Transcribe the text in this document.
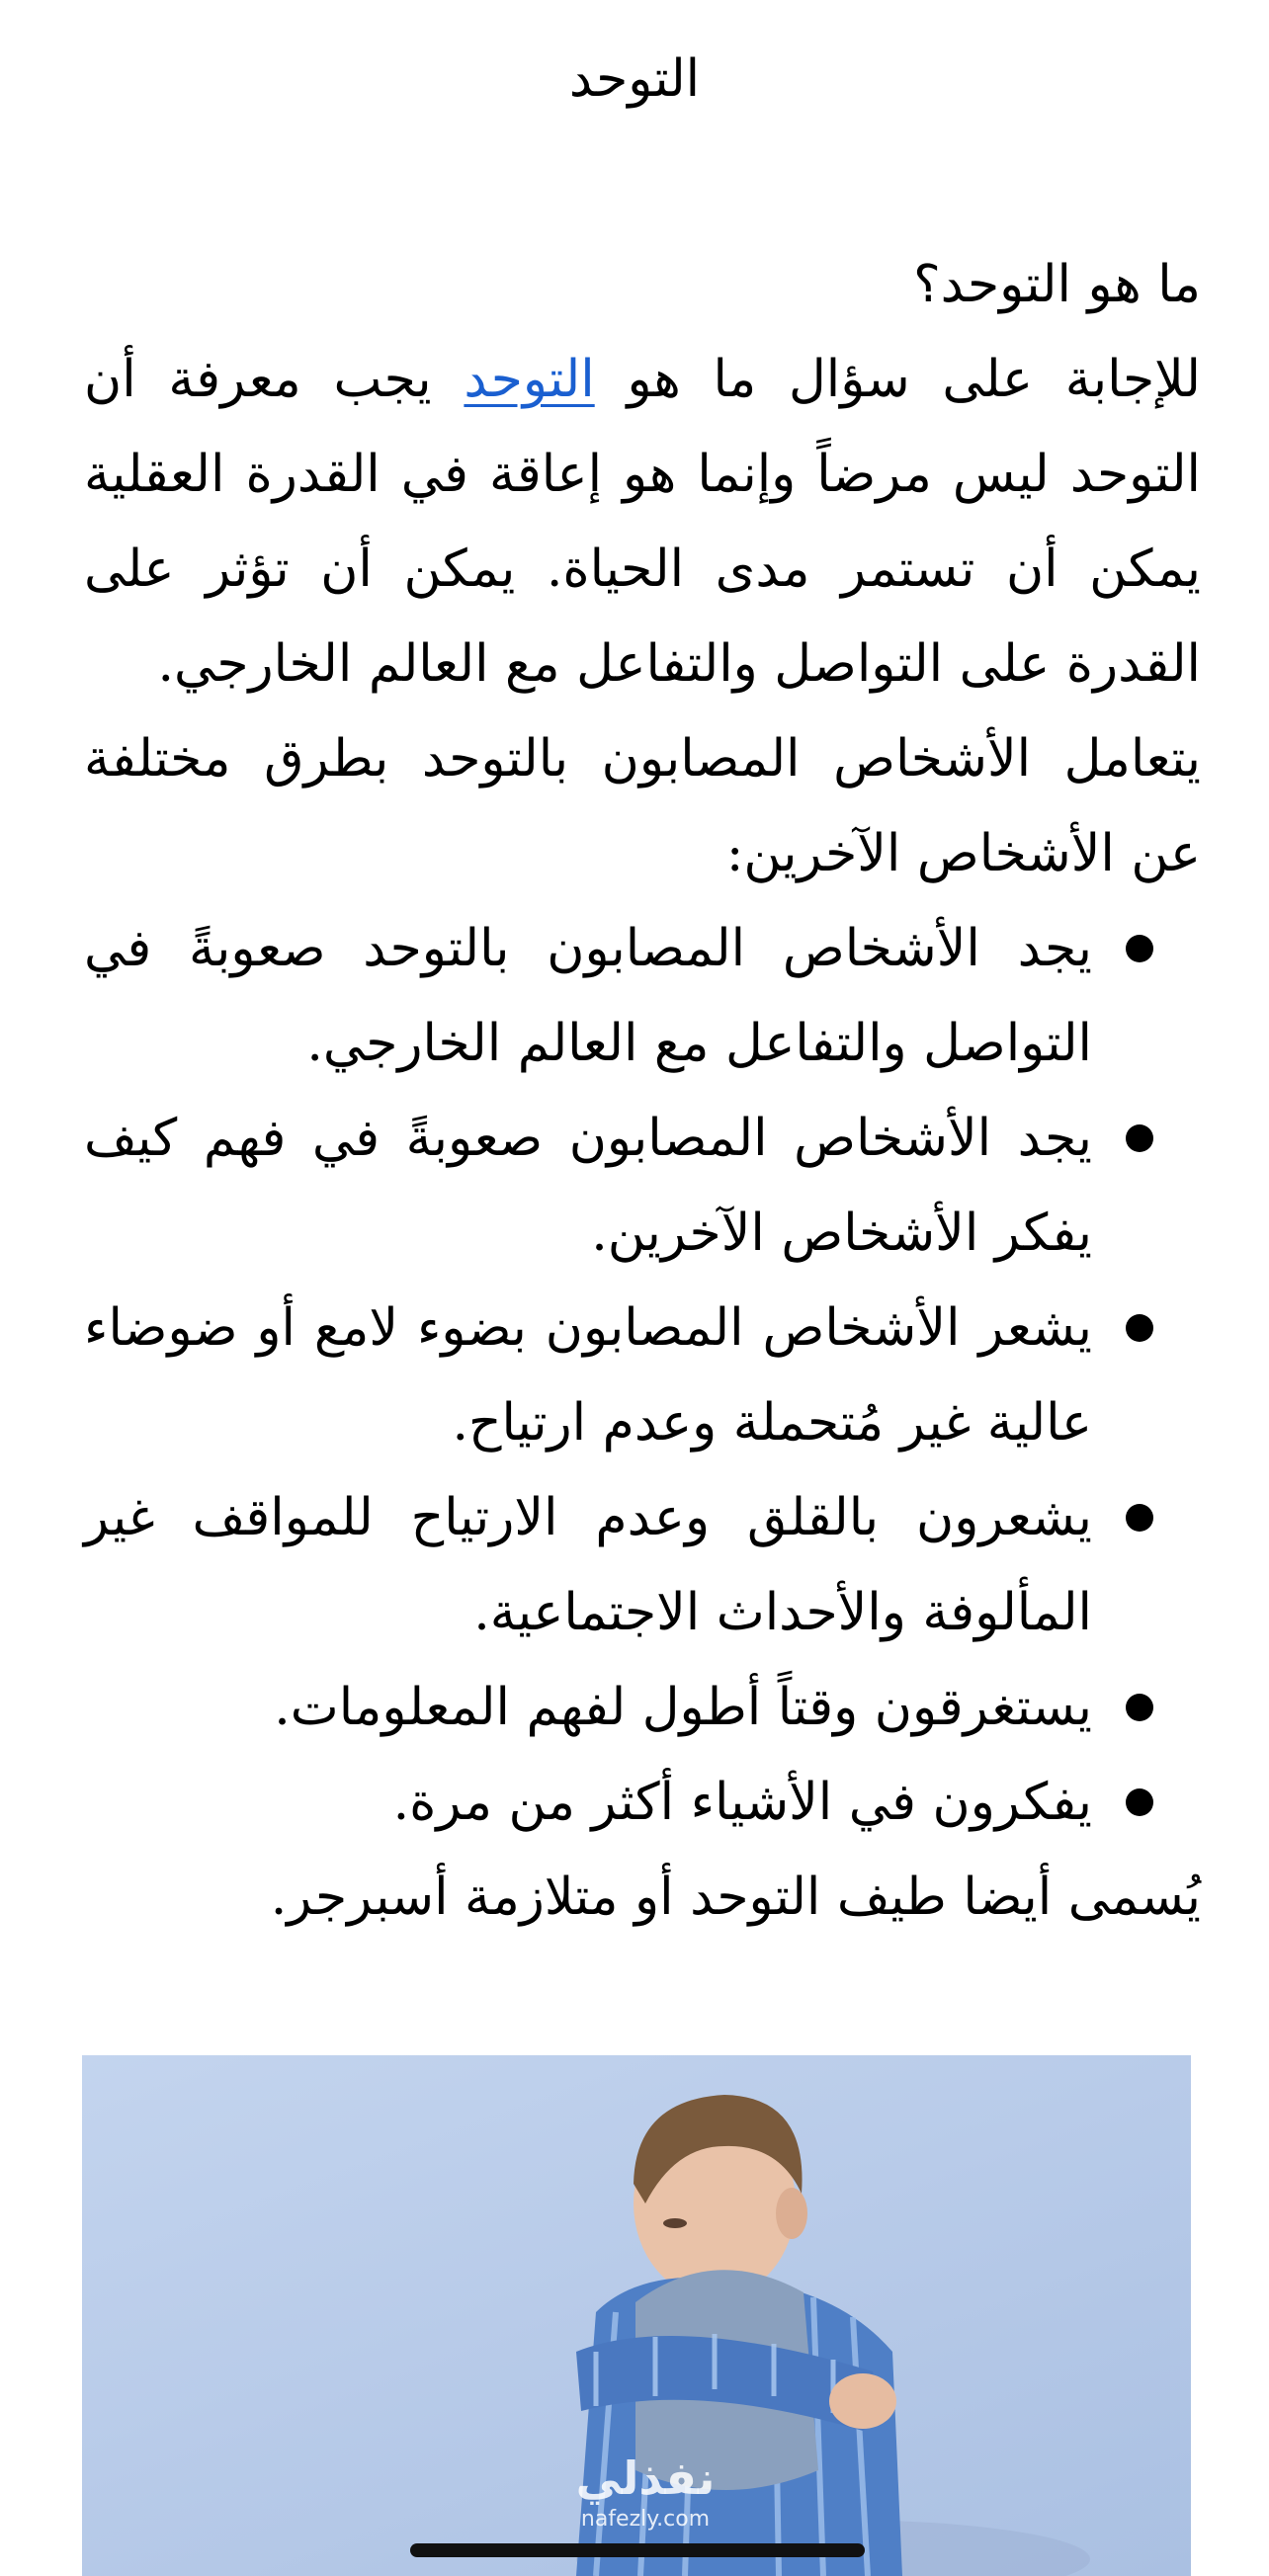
التوحد

ما هو التوحد؟

للإجابة على سؤال ما هو التوحد يجب معرفة أن التوحد ليس مرضاً وإنما هو إعاقة في القدرة العقلية يمكن أن تستمر مدى الحياة. يمكن أن تؤثر على القدرة على التواصل والتفاعل مع العالم الخارجي.

يتعامل الأشخاص المصابون بالتوحد بطرق مختلفة عن الأشخاص الآخرين:

يجد الأشخاص المصابون بالتوحد صعوبةً في التواصل والتفاعل مع العالم الخارجي.
يجد الأشخاص المصابون صعوبةً في فهم كيف يفكر الأشخاص الآخرين.
يشعر الأشخاص المصابون بضوء لامع أو ضوضاء عالية غير مُتحملة وعدم ارتياح.
يشعرون بالقلق وعدم الارتياح للمواقف غير المألوفة والأحداث الاجتماعية.
يستغرقون وقتاً أطول لفهم المعلومات.
يفكرون في الأشياء أكثر من مرة.

يُسمى أيضا طيف التوحد أو متلازمة أسبرجر.

نفذلي
nafezly.com
